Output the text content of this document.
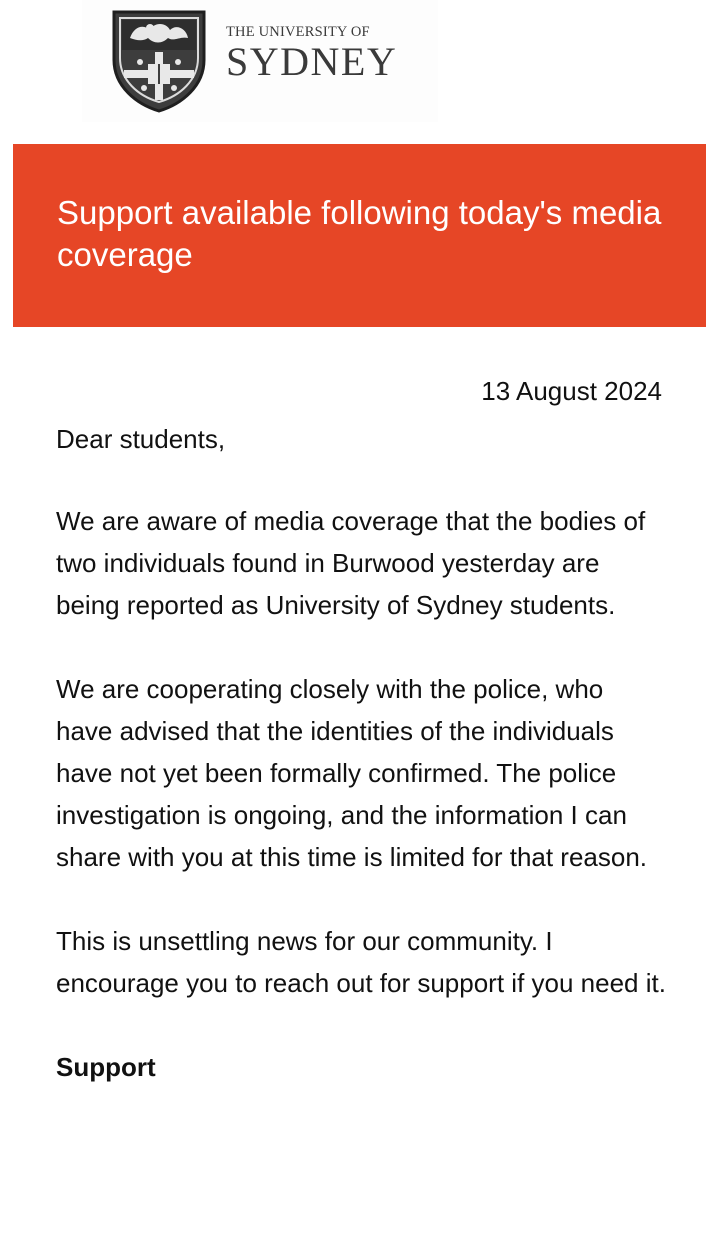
THE UNIVERSITY OF
SYDNEY
Support available following today's media coverage
13 August 2024

Dear students,

We are aware of media coverage that the bodies of two individuals found in Burwood yesterday are being reported as University of Sydney students.

We are cooperating closely with the police, who have advised that the identities of the individuals have not yet been formally confirmed. The police investigation is ongoing, and the information I can share with you at this time is limited for that reason.

This is unsettling news for our community. I encourage you to reach out for support if you need it.

Support
